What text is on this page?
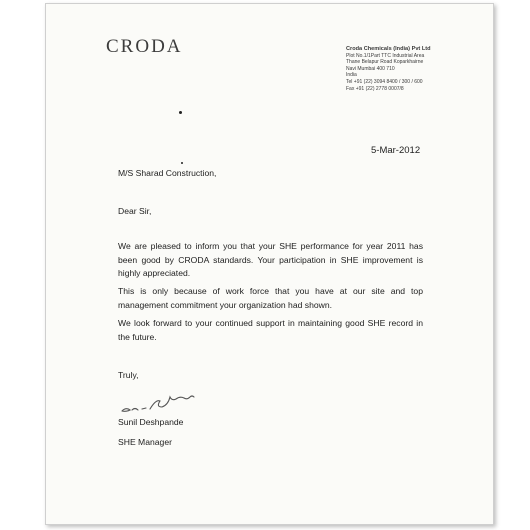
CRODA	Croda Chemicals (India) Pvt Ltd
Plot No.1/1Part TTC Industrial Area
Thane Belapur Road Koparkhairne
Navi Mumbai 400 710
India
Tel +91 (22) 3094 8400 / 300 / 600
Fax +91 (22) 2778 0007/8
5-Mar-2012
M/S Sharad Construction,
Dear Sir,
We are pleased to inform you that your SHE performance for year 2011 has been good by CRODA standards. Your participation in SHE improvement is highly appreciated.
This is only because of work force that you have at our site and top management commitment your organization had shown.
We look forward to your continued support in maintaining good SHE record in the future.
Truly,
Sunil Deshpande
SHE Manager
